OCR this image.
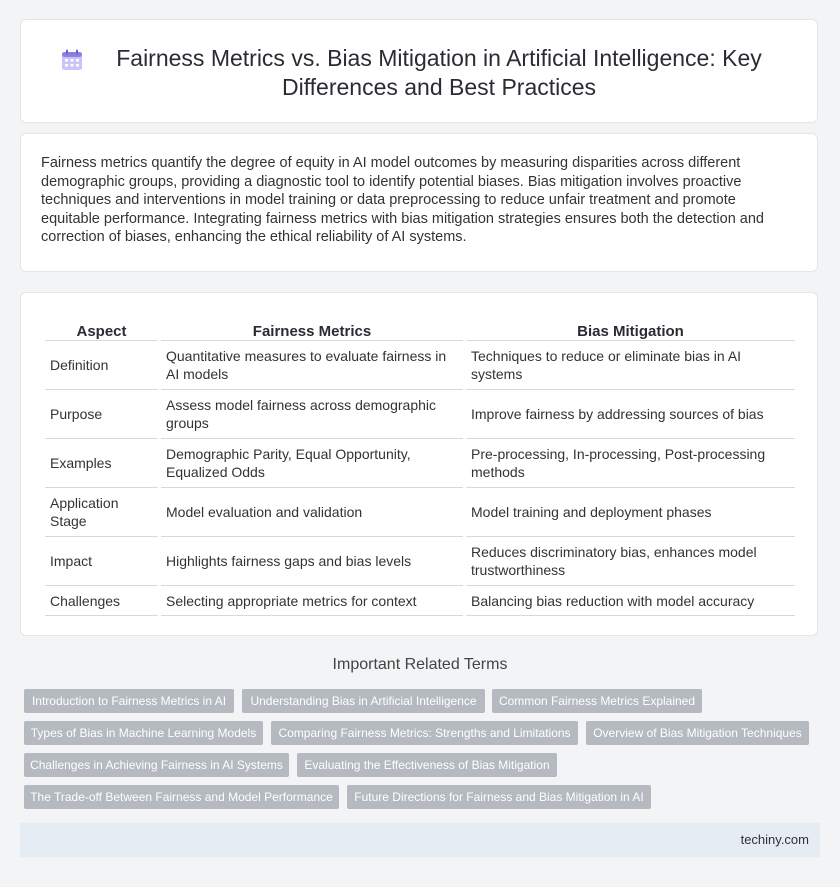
Fairness Metrics vs. Bias Mitigation in Artificial Intelligence: Key Differences and Best Practices

Fairness metrics quantify the degree of equity in AI model outcomes by measuring disparities across different demographic groups, providing a diagnostic tool to identify potential biases. Bias mitigation involves proactive techniques and interventions in model training or data preprocessing to reduce unfair treatment and promote equitable performance. Integrating fairness metrics with bias mitigation strategies ensures both the detection and correction of biases, enhancing the ethical reliability of AI systems.

Aspect	Fairness Metrics	Bias Mitigation
Definition	Quantitative measures to evaluate fairness in AI models	Techniques to reduce or eliminate bias in AI systems
Purpose	Assess model fairness across demographic groups	Improve fairness by addressing sources of bias
Examples	Demographic Parity, Equal Opportunity, Equalized Odds	Pre-processing, In-processing, Post-processing methods
Application Stage	Model evaluation and validation	Model training and deployment phases
Impact	Highlights fairness gaps and bias levels	Reduces discriminatory bias, enhances model trustworthiness
Challenges	Selecting appropriate metrics for context	Balancing bias reduction with model accuracy
Important Related Terms
Introduction to Fairness Metrics in AI	Understanding Bias in Artificial Intelligence	Common Fairness Metrics Explained
Types of Bias in Machine Learning Models	Comparing Fairness Metrics: Strengths and Limitations	Overview of Bias Mitigation Techniques
Challenges in Achieving Fairness in AI Systems	Evaluating the Effectiveness of Bias Mitigation
The Trade-off Between Fairness and Model Performance	Future Directions for Fairness and Bias Mitigation in AI
techiny.com
